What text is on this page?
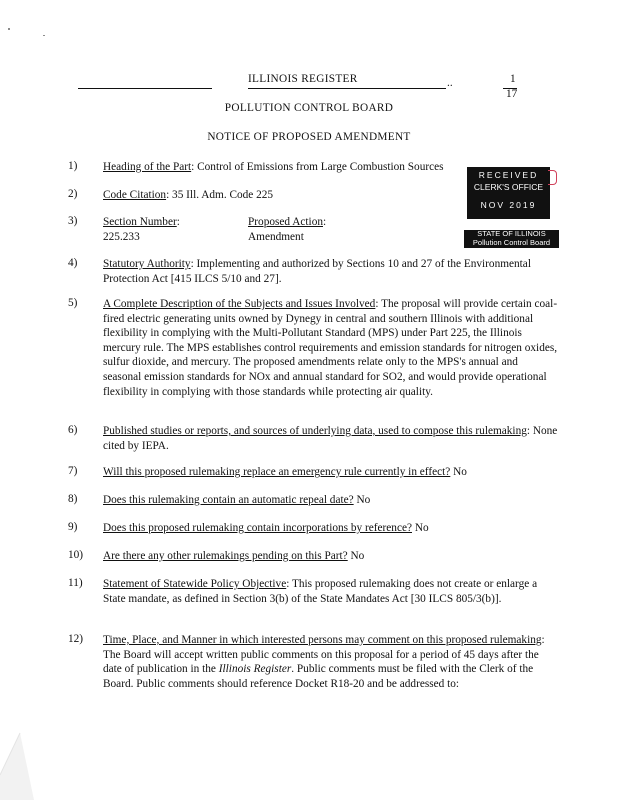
ILLINOIS REGISTER	..	1
17
POLLUTION CONTROL BOARD
NOTICE OF PROPOSED AMENDMENT
1)	Heading of the Part: Control of Emissions from Large Combustion Sources
2)	Code Citation: 35 Ill. Adm. Code 225
3)	Section Number:
225.233
Proposed Action:
Amendment
RECEIVED
CLERK'S OFFICE
NOV 2019
STATE OF ILLINOIS
Pollution Control Board
4)	Statutory Authority: Implementing and authorized by Sections 10 and 27 of the Environmental Protection Act [415 ILCS 5/10 and 27].
5)	A Complete Description of the Subjects and Issues Involved: The proposal will provide certain coal-fired electric generating units owned by Dynegy in central and southern Illinois with additional flexibility in complying with the Multi-Pollutant Standard (MPS) under Part 225, the Illinois mercury rule. The MPS establishes control requirements and emission standards for nitrogen oxides, sulfur dioxide, and mercury. The proposed amendments relate only to the MPS's annual and seasonal emission standards for NOx and annual standard for SO2, and would provide operational flexibility in complying with those standards while protecting air quality.
6)	Published studies or reports, and sources of underlying data, used to compose this rulemaking: None cited by IEPA.
7)	Will this proposed rulemaking replace an emergency rule currently in effect? No
8)	Does this rulemaking contain an automatic repeal date? No
9)	Does this proposed rulemaking contain incorporations by reference? No
10)	Are there any other rulemakings pending on this Part? No
11)	Statement of Statewide Policy Objective: This proposed rulemaking does not create or enlarge a State mandate, as defined in Section 3(b) of the State Mandates Act [30 ILCS 805/3(b)].
12)	Time, Place, and Manner in which interested persons may comment on this proposed rulemaking: The Board will accept written public comments on this proposal for a period of 45 days after the date of publication in the Illinois Register. Public comments must be filed with the Clerk of the Board. Public comments should reference Docket R18-20 and be addressed to:
